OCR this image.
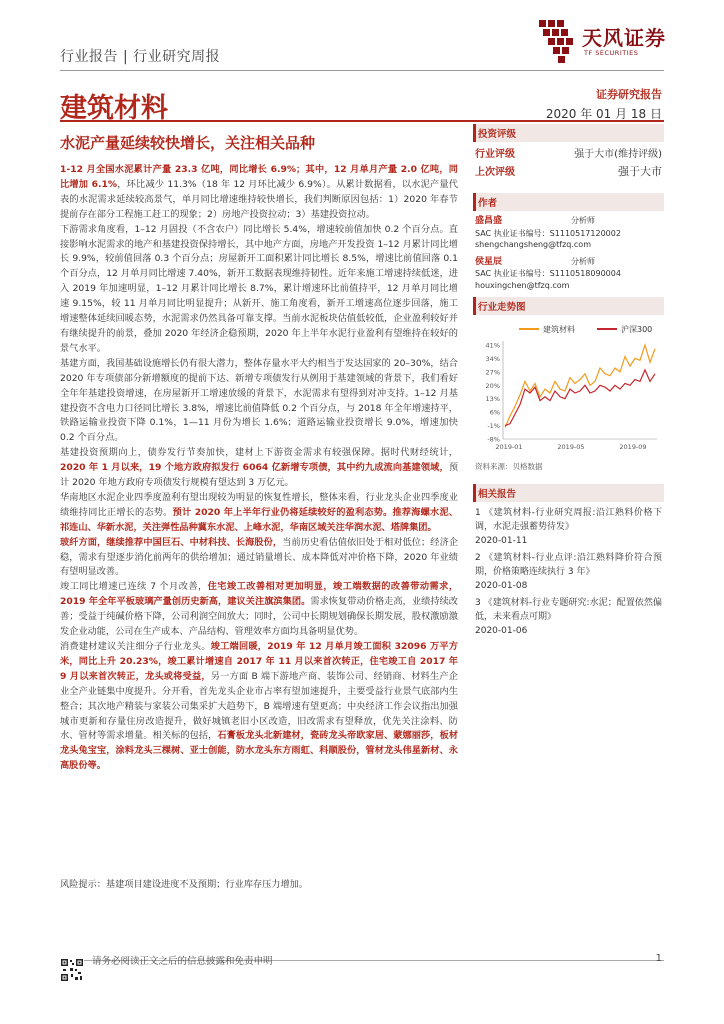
行业报告 | 行业研究周报
天风证券
TF SECURITIES
建筑材料	证券研究报告
2020 年 01 月 18 日
水泥产量延续较快增长，关注相关品种

1-12 月全国水泥累计产量 23.3 亿吨，同比增长 6.9%；其中，12 月单月产量 2.0 亿吨，同比增加 6.1%，环比减少 11.3%（18 年 12 月环比减少 6.9%）。从累计数据看，以水泥产量代表的水泥需求延续较高景气，单月同比增速维持较快增长，我们判断原因包括：1）2020 年春节提前存在部分工程施工赶工的现象；2）房地产投资拉动；3）基建投资拉动。

下游需求角度看，1–12 月固投（不含农户）同比增长 5.4%，增速较前值加快 0.2 个百分点。直接影响水泥需求的地产和基建投资保持增长，其中地产方面，房地产开发投资 1–12 月累计同比增长 9.9%，较前值回落 0.3 个百分点；房屋新开工面积累计同比增长 8.5%，增速比前值回落 0.1 个百分点，12 月单月同比增速 7.40%，新开工数据表现维持韧性。近年来施工增速持续低迷，进入 2019 年加速明显，1–12 月累计同比增长 8.7%，累计增速环比前值持平，12 月单月同比增速 9.15%，较 11 月单月同比明显提升；从新开、施工角度看，新开工增速高位逐步回落，施工增速整体延续回暖态势，水泥需求仍然具备可靠支撑。当前水泥板块估值低较低，企业盈利较好并有继续提升的前景，叠加 2020 年经济企稳预期，2020 年上半年水泥行业盈利有望维持在较好的景气水平。

基建方面，我国基础设施增长仍有很大潜力，整体存量水平大约相当于发达国家的 20–30%，结合 2020 年专项债部分新增额度的提前下达、新增专项债发行从例用于基建领域的背景下，我们看好全年年基建投资增速，在房屋新开工增速放缓的背景下，水泥需求有望得到对冲支持。1–12 月基建投资不含电力口径同比增长 3.8%，增速比前值降低 0.2 个百分点，与 2018 年全年增速持平，铁路运输业投资下降 0.1%，1—11 月份为增长 1.6%；道路运输业投资增长 9.0%，增速加快 0.2 个百分点。

基建投资预期向上，债券发行节奏加快，建材上下游资金需求有较强保障。据时代财经统计，2020 年 1 月以来，19 个地方政府拟发行 6064 亿新增专项债，其中约九成流向基建领域，预计 2020 年地方政府专项债发行规模有望达到 3 万亿元。

华南地区水泥企业四季度盈利有望出现较为明显的恢复性增长，整体来看，行业龙头企业四季度业绩维持同比正增长的态势。预计 2020 年上半年行业仍将延续较好的盈利态势。推荐海螺水泥、祁连山、华新水泥，关注弹性品种冀东水泥、上峰水泥，华南区域关注华润水泥、塔牌集团。

玻纤方面，继续推荐中国巨石、中材科技、长海股份，当前历史看估值依旧处于相对低位；经济企稳，需求有望逐步消化前两年的供给增加；通过销量增长、成本降低对冲价格下降，2020 年业绩有望明显改善。

竣工同比增速已连续 7 个月改善，住宅竣工改善相对更加明显，竣工端数据的改善带动需求，2019 年全年平板玻璃产量创历史新高，建议关注旗滨集团。需求恢复带动价格走高，业绩持续改善；受益于纯碱价格下降，公司利润空间放大；同时，公司中长期规划确保长期发展，股权激励激发企业动能，公司在生产成本、产品结构、管理效率方面均具备明显优势。

消费建材建议关注细分子行业龙头。竣工端回暖，2019 年 12 月单月竣工面积 32096 万平方米，同比上升 20.23%，竣工累计增速自 2017 年 11 月以来首次转正，住宅竣工自 2017 年 9 月以来首次转正，龙头或将受益，另一方面 B 端下游地产商、装饰公司、经销商、材料生产企业全产业链集中度提升。分开看，首先龙头企业市占率有望加速提升，主要受益行业景气底部内生整合；其次地产精装与家装公司集采扩大趋势下，B 端增速有望更高；中央经济工作会议指出加强城市更新和存量住房改造提升，做好城镇老旧小区改造，旧改需求有望释放，优先关注涂料、防水、管材等需求增量。相关标的包括，石膏板龙头北新建材，瓷砖龙头帝欧家居、蒙娜丽莎，板材龙头兔宝宝，涂料龙头三棵树、亚士创能，防水龙头东方雨虹、科顺股份，管材龙头伟星新材、永高股份等。

风险提示：基建项目建设进度不及预期；行业库存压力增加。
投资评级
行业评级	强于大市(维持评级)
上次评级	强于大市
作者
盛昌盛	分析师
SAC 执业证书编号：S1110517120002
shengchangsheng@tfzq.com
侯星辰	分析师
SAC 执业证书编号：S1110518090004
houxingchen@tfzq.com
行业走势图
建筑材料	沪深300
41%
34%
27%
20%
13%
6%
-1%
-8%
2019-01	2019-05	2019-09
资料来源：贝格数据
相关报告
1 《建筑材料-行业研究周报:沿江熟料价格下调，水泥走强蓄势待发》
2020-01-11
2 《建筑材料-行业点评:沿江熟料降价符合预期，价格策略连续执行 3 年》
2020-01-08
3 《建筑材料-行业专题研究:水泥；配置依然偏低，未来看点可期》
2020-01-06
请务必阅读正文之后的信息披露和免责申明	1
